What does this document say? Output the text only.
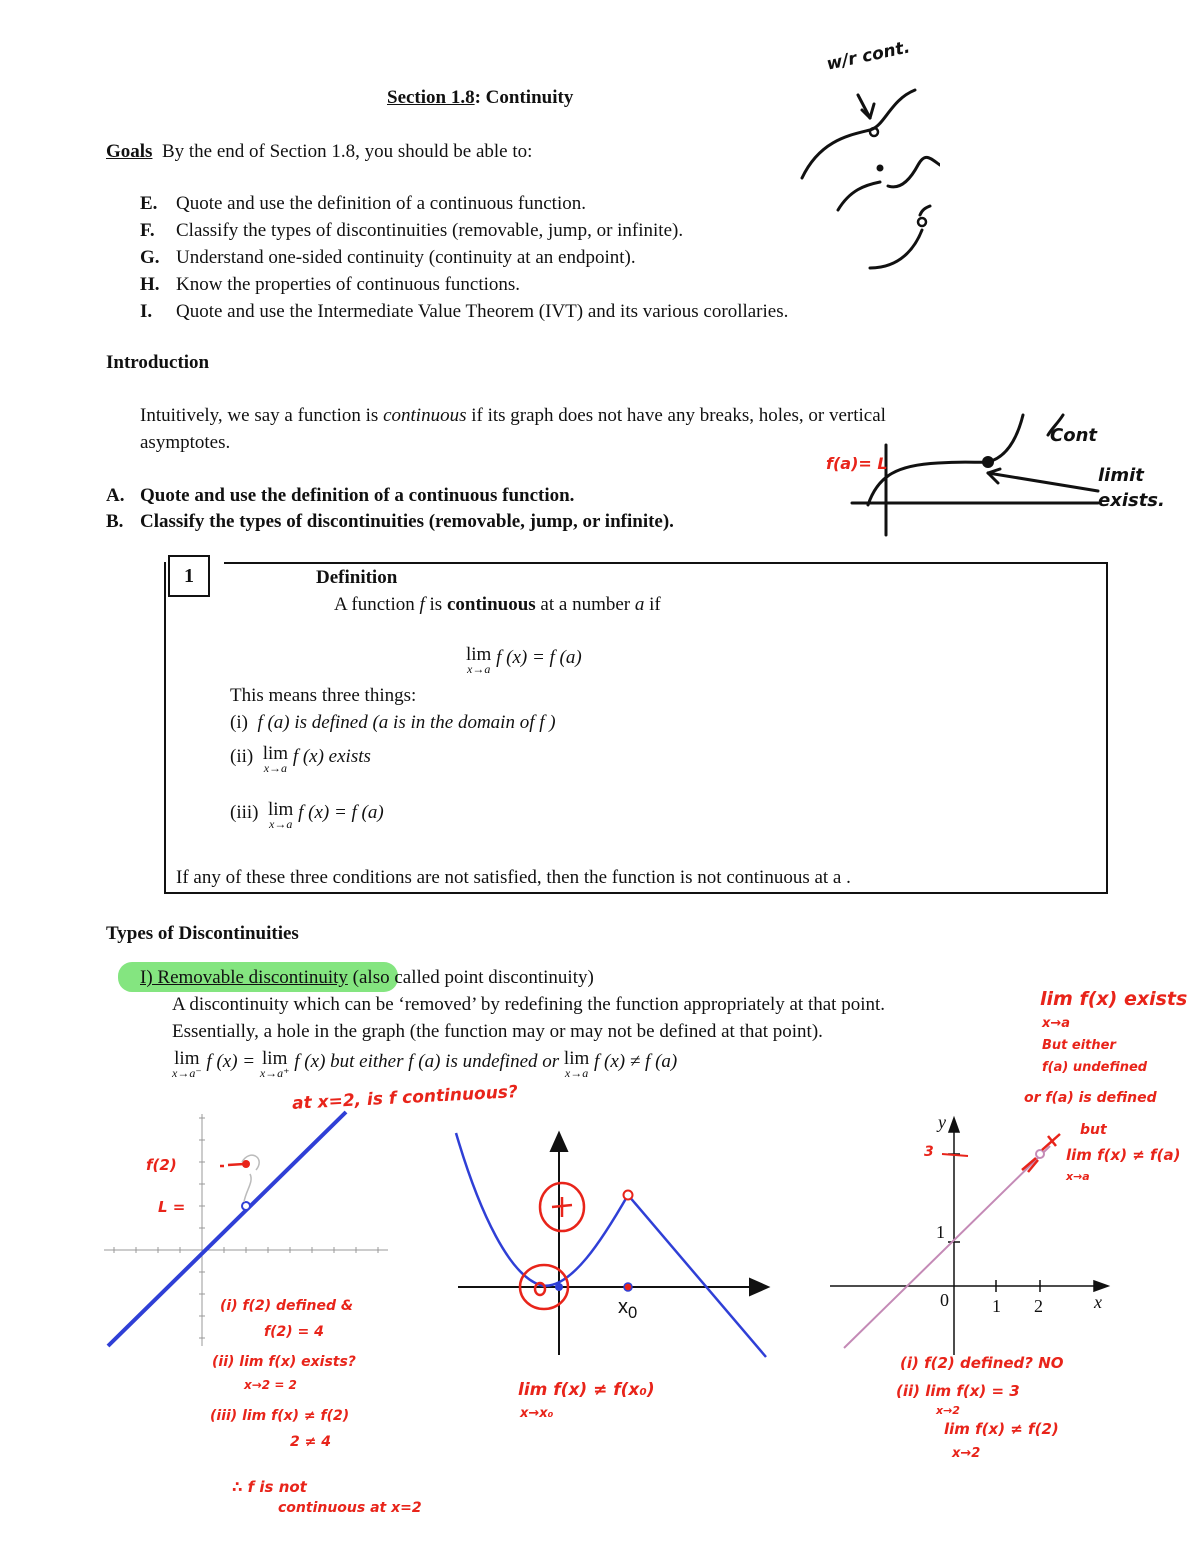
Section 1.8: Continuity
Goals By the end of Section 1.8, you should be able to:
E. Quote and use the definition of a continuous function.
F. Classify the types of discontinuities (removable, jump, or infinite).
G. Understand one-sided continuity (continuity at an endpoint).
H. Know the properties of continuous functions.
I. Quote and use the Intermediate Value Theorem (IVT) and its various corollaries.
w/r cont.
Introduction
Intuitively, we say a function is continuous if its graph does not have any breaks, holes, or vertical
asymptotes.
f(a)= L
Cont
limit
exists.
A. Quote and use the definition of a continuous function.
B. Classify the types of discontinuities (removable, jump, or infinite).
1	Definition
A function f is continuous at a number a if
lim
x→a
f (x) = f (a)
This means three things:
(i) f (a) is defined (a is in the domain of f )
(ii) lim
x→a
f (x) exists
(iii) lim
x→a
f (x) = f (a)
If any of these three conditions are not satisfied, then the function is not continuous at a .
Types of Discontinuities
I) Removable discontinuity (also called point discontinuity)
A discontinuity which can be ‘removed’ by redefining the function appropriately at that point.
Essentially, a hole in the graph (the function may or may not be defined at that point).
lim
x→a⁻
f (x) = lim
x→a⁺
f (x) but either f (a) is undefined or lim
x→a
f (x) ≠ f (a)
lim f(x) exists
x→a
But either
f(a) undefined
or f(a) is defined
but
lim f(x) ≠ f(a)
x→a
at x=2, is f continuous?
f(2)
L =
(i) f(2) defined &
f(2) = 4
(ii) lim f(x) exists?
x→2 = 2
(iii) lim f(x) ≠ f(2)
2 ≠ 4
∴ f is not
continuous at x=2
$x_0$
lim f(x) ≠ f(x₀)
x→x₀
y
x
1
0 1 2
3
(i) f(2) defined? NO
(ii) lim f(x) = 3
x→2
lim f(x) ≠ f(2)
x→2
